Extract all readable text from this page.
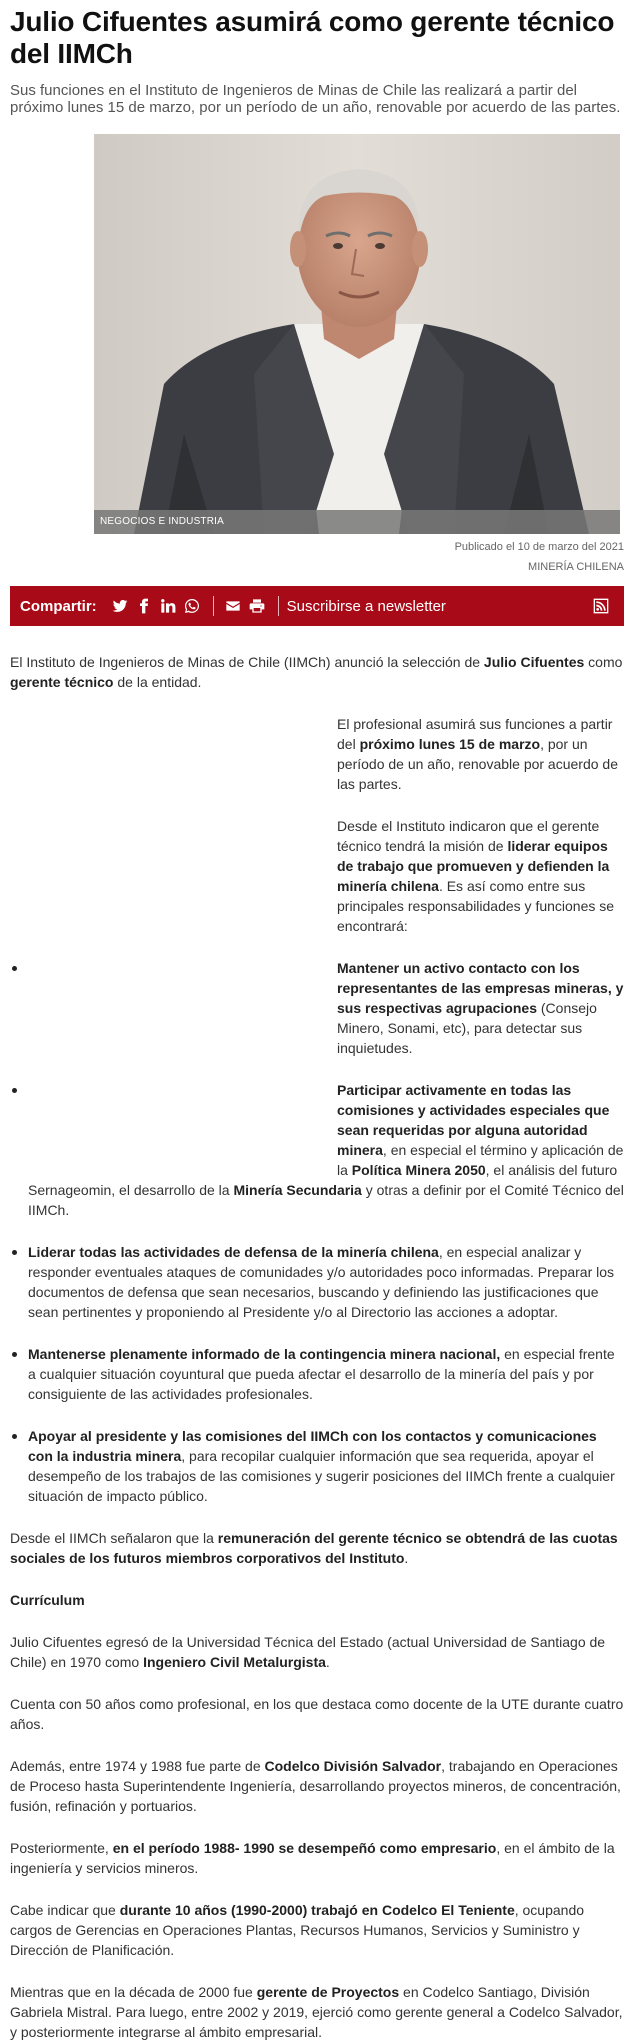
Julio Cifuentes asumirá como gerente técnico del IIMCh

Sus funciones en el Instituto de Ingenieros de Minas de Chile las realizará a partir del próximo lunes 15 de marzo, por un período de un año, renovable por acuerdo de las partes.

NEGOCIOS E INDUSTRIA
Publicado el 10 de marzo del 2021
MINERÍA CHILENA
Compartir:	Suscribirse a newsletter

El Instituto de Ingenieros de Minas de Chile (IIMCh) anunció la selección de Julio Cifuentes como gerente técnico de la entidad.

El profesional asumirá sus funciones a partir del próximo lunes 15 de marzo, por un período de un año, renovable por acuerdo de las partes.

Desde el Instituto indicaron que el gerente técnico tendrá la misión de liderar equipos de trabajo que promueven y defienden la minería chilena. Es así como entre sus principales responsabilidades y funciones se encontrará:

Mantener un activo contacto con los representantes de las empresas mineras, y sus respectivas agrupaciones (Consejo Minero, Sonami, etc), para detectar sus inquietudes.
Participar activamente en todas las comisiones y actividades especiales que sean requeridas por alguna autoridad minera, en especial el término y aplicación de la Política Minera 2050, el análisis del futuro Sernageomin, el desarrollo de la Minería Secundaria y otras a definir por el Comité Técnico del IIMCh.
Liderar todas las actividades de defensa de la minería chilena, en especial analizar y responder eventuales ataques de comunidades y/o autoridades poco informadas. Preparar los documentos de defensa que sean necesarios, buscando y definiendo las justificaciones que sean pertinentes y proponiendo al Presidente y/o al Directorio las acciones a adoptar.
Mantenerse plenamente informado de la contingencia minera nacional, en especial frente a cualquier situación coyuntural que pueda afectar el desarrollo de la minería del país y por consiguiente de las actividades profesionales.
Apoyar al presidente y las comisiones del IIMCh con los contactos y comunicaciones con la industria minera, para recopilar cualquier información que sea requerida, apoyar el desempeño de los trabajos de las comisiones y sugerir posiciones del IIMCh frente a cualquier situación de impacto público.

Desde el IIMCh señalaron que la remuneración del gerente técnico se obtendrá de las cuotas sociales de los futuros miembros corporativos del Instituto.

Currículum

Julio Cifuentes egresó de la Universidad Técnica del Estado (actual Universidad de Santiago de Chile) en 1970 como Ingeniero Civil Metalurgista.

Cuenta con 50 años como profesional, en los que destaca como docente de la UTE durante cuatro años.

Además, entre 1974 y 1988 fue parte de Codelco División Salvador, trabajando en Operaciones de Proceso hasta Superintendente Ingeniería, desarrollando proyectos mineros, de concentración, fusión, refinación y portuarios.

Posteriormente, en el período 1988- 1990 se desempeñó como empresario, en el ámbito de la ingeniería y servicios mineros.

Cabe indicar que durante 10 años (1990-2000) trabajó en Codelco El Teniente, ocupando cargos de Gerencias en Operaciones Plantas, Recursos Humanos, Servicios y Suministro y Dirección de Planificación.

Mientras que en la década de 2000 fue gerente de Proyectos en Codelco Santiago, División Gabriela Mistral. Para luego, entre 2002 y 2019, ejerció como gerente general a Codelco Salvador, y posteriormente integrarse al ámbito empresarial.
